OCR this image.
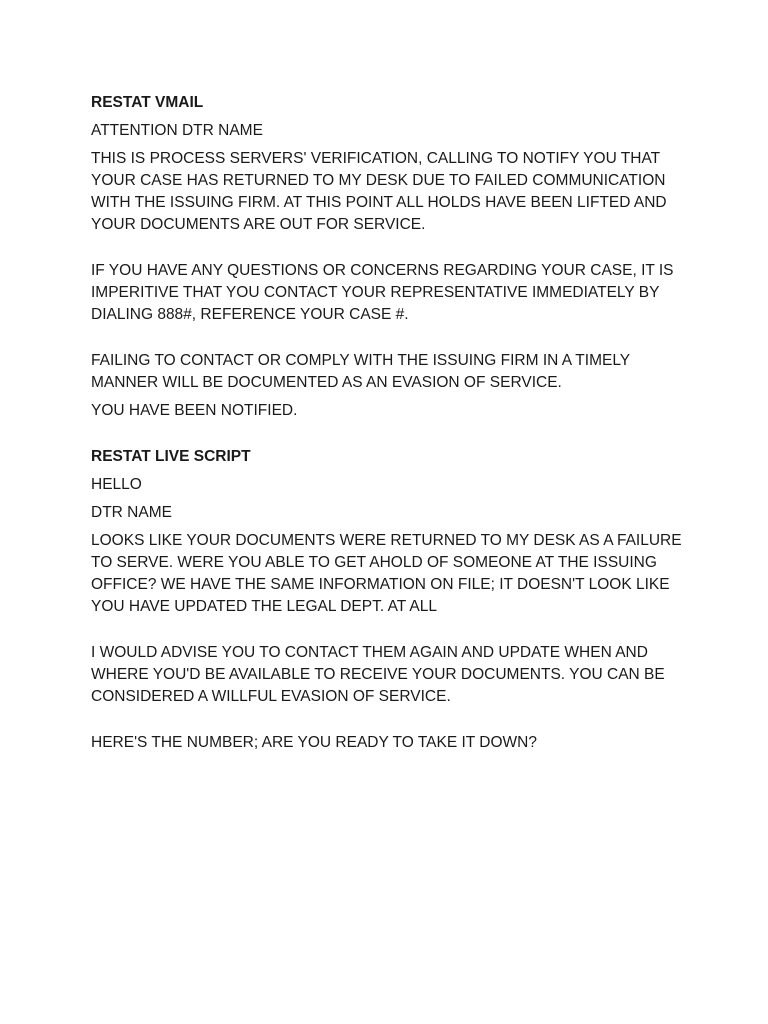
RESTAT VMAIL

ATTENTION DTR NAME

THIS IS PROCESS SERVERS' VERIFICATION, CALLING TO NOTIFY YOU THAT YOUR CASE HAS RETURNED TO MY DESK DUE TO FAILED COMMUNICATION WITH THE ISSUING FIRM. AT THIS POINT ALL HOLDS HAVE BEEN LIFTED AND YOUR DOCUMENTS ARE OUT FOR SERVICE.

IF YOU HAVE ANY QUESTIONS OR CONCERNS REGARDING YOUR CASE, IT IS IMPERITIVE THAT YOU CONTACT YOUR REPRESENTATIVE IMMEDIATELY BY DIALING 888#, REFERENCE YOUR CASE #.

FAILING TO CONTACT OR COMPLY WITH THE ISSUING FIRM IN A TIMELY MANNER WILL BE DOCUMENTED AS AN EVASION OF SERVICE.

YOU HAVE BEEN NOTIFIED.

RESTAT LIVE SCRIPT

HELLO

DTR NAME

LOOKS LIKE YOUR DOCUMENTS WERE RETURNED TO MY DESK AS A FAILURE TO SERVE. WERE YOU ABLE TO GET AHOLD OF SOMEONE AT THE ISSUING OFFICE? WE HAVE THE SAME INFORMATION ON FILE; IT DOESN'T LOOK LIKE YOU HAVE UPDATED THE LEGAL DEPT. AT ALL

I WOULD ADVISE YOU TO CONTACT THEM AGAIN AND UPDATE WHEN AND WHERE YOU'D BE AVAILABLE TO RECEIVE YOUR DOCUMENTS. YOU CAN BE CONSIDERED A WILLFUL EVASION OF SERVICE.

HERE'S THE NUMBER; ARE YOU READY TO TAKE IT DOWN?
